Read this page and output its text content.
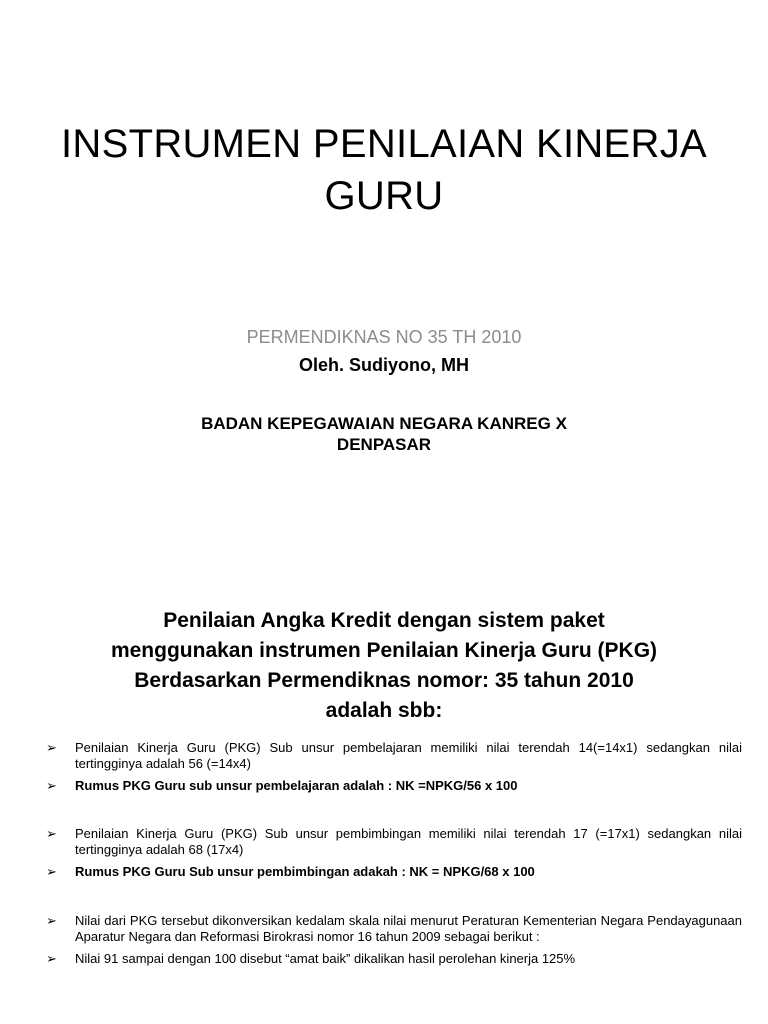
INSTRUMEN PENILAIAN KINERJA
GURU

PERMENDIKNAS NO 35 TH 2010

Oleh. Sudiyono, MH

BADAN KEPEGAWAIAN NEGARA KANREG X
DENPASAR

Penilaian Angka Kredit dengan sistem paket
menggunakan instrumen Penilaian Kinerja Guru (PKG)
Berdasarkan Permendiknas nomor: 35 tahun 2010
adalah sbb:
➢ Penilaian Kinerja Guru (PKG) Sub unsur pembelajaran memiliki nilai terendah 14(=14x1) sedangkan nilai tertingginya adalah 56 (=14x4)
➢ Rumus PKG Guru sub unsur pembelajaran adalah : NK =NPKG/56 x 100
➢ Penilaian Kinerja Guru (PKG) Sub unsur pembimbingan memiliki nilai terendah 17 (=17x1) sedangkan nilai tertingginya adalah 68 (17x4)
➢ Rumus PKG Guru Sub unsur pembimbingan adakah : NK = NPKG/68 x 100
➢ Nilai dari PKG tersebut dikonversikan kedalam skala nilai menurut Peraturan Kementerian Negara Pendayagunaan Aparatur Negara dan Reformasi Birokrasi nomor 16 tahun 2009 sebagai berikut :
➢ Nilai 91 sampai dengan 100 disebut “amat baik” dikalikan hasil perolehan kinerja 125%
